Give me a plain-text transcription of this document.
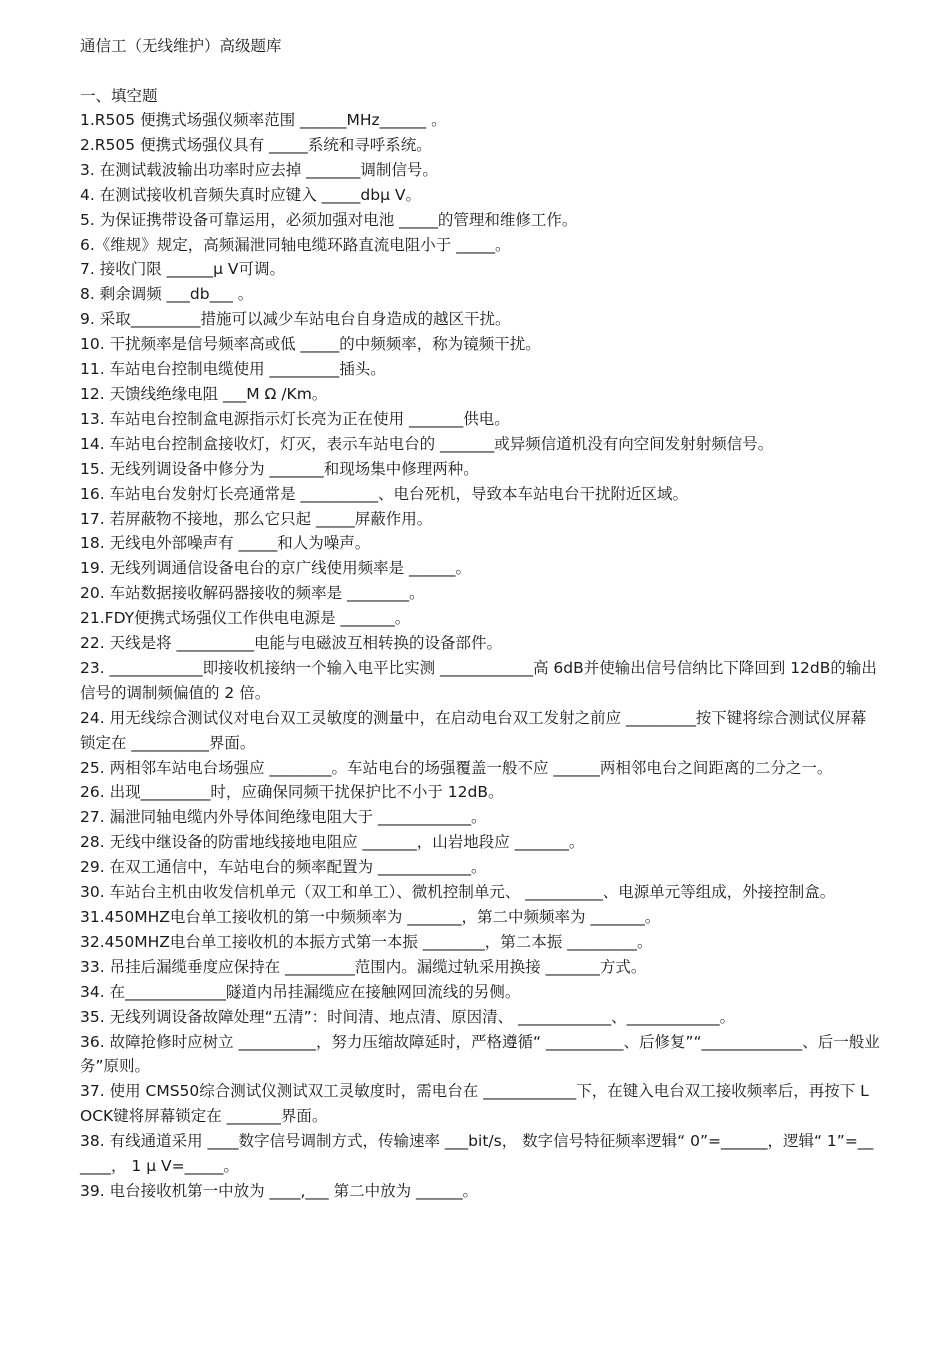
通信工（无线维护）高级题库

一、填空题

1.R505 便携式场强仪频率范围 ______MHz______ 。

2.R505 便携式场强仪具有 _____系统和寻呼系统。

3. 在测试载波输出功率时应去掉 _______调制信号。

4. 在测试接收机音频失真时应键入 _____dbμ V。

5. 为保证携带设备可靠运用，必须加强对电池 _____的管理和维修工作。

6.《维规》规定，高频漏泄同轴电缆环路直流电阻小于 _____。

7. 接收门限 ______μ V可调。

8. 剩余调频 ___db___ 。

9. 采取_________措施可以减少车站电台自身造成的越区干扰。

10. 干扰频率是信号频率高或低 _____的中频频率，称为镜频干扰。

11. 车站电台控制电缆使用 _________插头。

12. 天馈线绝缘电阻 ___M Ω /Km。

13. 车站电台控制盒电源指示灯长亮为正在使用 _______供电。

14. 车站电台控制盒接收灯，灯灭，表示车站电台的 _______或异频信道机没有向空间发射射频信号。

15. 无线列调设备中修分为 _______和现场集中修理两种。

16. 车站电台发射灯长亮通常是 __________、电台死机，导致本车站电台干扰附近区域。

17. 若屏蔽物不接地，那么它只起 _____屏蔽作用。

18. 无线电外部噪声有 _____和人为噪声。

19. 无线列调通信设备电台的京广线使用频率是 ______。

20. 车站数据接收解码器接收的频率是 ________。

21.FDY便携式场强仪工作供电电源是 _______。

22. 天线是将 __________电能与电磁波互相转换的设备部件。

23. ____________即接收机接纳一个输入电平比实测 ____________高 6dB并使输出信号信纳比下降回到 12dB的输出信号的调制频偏值的 2 倍。

24. 用无线综合测试仪对电台双工灵敏度的测量中，在启动电台双工发射之前应 _________按下键将综合测试仪屏幕锁定在 __________界面。

25. 两相邻车站电台场强应 ________。车站电台的场强覆盖一般不应 ______两相邻电台之间距离的二分之一。

26. 出现_________时，应确保同频干扰保护比不小于 12dB。

27. 漏泄同轴电缆内外导体间绝缘电阻大于 ____________。

28. 无线中继设备的防雷地线接地电阻应 _______，山岩地段应 _______。

29. 在双工通信中，车站电台的频率配置为 ____________。

30. 车站台主机由收发信机单元（双工和单工）、微机控制单元、 __________、电源单元等组成，外接控制盒。

31.450MHZ电台单工接收机的第一中频频率为 _______，第二中频频率为 _______。

32.450MHZ电台单工接收机的本振方式第一本振 ________，第二本振 _________。

33. 吊挂后漏缆垂度应保持在 _________范围内。漏缆过轨采用换接 _______方式。

34. 在_____________隧道内吊挂漏缆应在接触网回流线的另侧。

35. 无线列调设备故障处理“五清”：时间清、地点清、原因清、 ____________、____________。

36. 故障抢修时应树立 __________，努力压缩故障延时，严格遵循“ __________、后修复”“_____________、后一般业务”原则。

37. 使用 CMS50综合测试仪测试双工灵敏度时，需电台在 ____________下，在键入电台双工接收频率后，再按下 LOCK键将屏幕锁定在 _______界面。

38. 有线通道采用 ____数字信号调制方式，传输速率 ___bit/s， 数字信号特征频率逻辑“ 0”=______，逻辑“ 1”=______， 1 μ V=_____。

39. 电台接收机第一中放为 ____,___ 第二中放为 ______。
